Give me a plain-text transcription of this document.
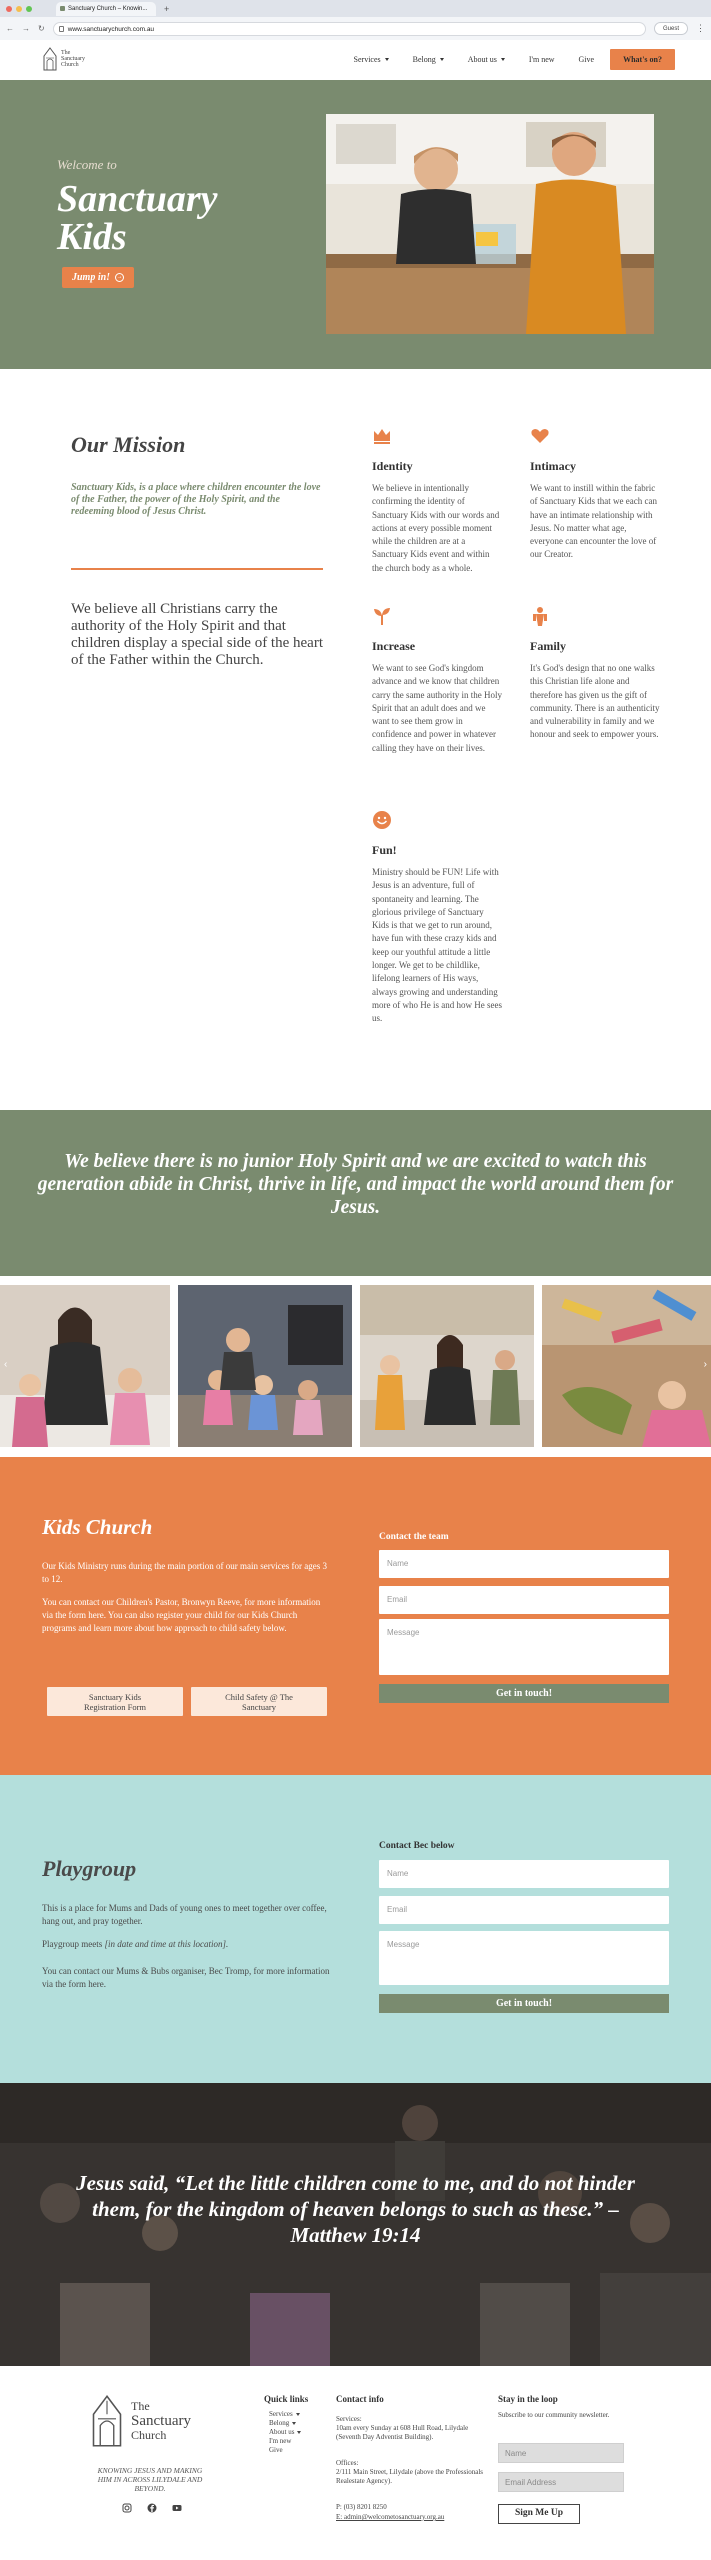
Sanctuary Church – Knowin...	+
← → ↻	www.sanctuarychurch.com.au	Guest	⋮
The
Sanctuary
Church
Services	Belong	About us	I'm new	Give	What's on?
Welcome to
Sanctuary
Kids
Jump in! →
Our Mission
Sanctuary Kids, is a place where children encounter the love of the Father, the power of the Holy Spirit, and the redeeming blood of Jesus Christ.
We believe all Christians carry the authority of the Holy Spirit and that children display a special side of the heart of the Father within the Church.
Identity

We believe in intentionally confirming the identity of Sanctuary Kids with our words and actions at every possible moment while the children are at a Sanctuary Kids event and within the church body as a whole.

Intimacy

We want to instill within the fabric of Sanctuary Kids that we each can have an intimate relationship with Jesus. No matter what age, everyone can encounter the love of our Creator.

Increase

We want to see God's kingdom advance and we know that children carry the same authority in the Holy Spirit that an adult does and we want to see them grow in confidence and power in whatever calling they have on their lives.

Family

It's God's design that no one walks this Christian life alone and therefore has given us the gift of community. There is an authenticity and vulnerability in family and we honour and seek to empower yours.

Fun!

Ministry should be FUN! Life with Jesus is an adventure, full of spontaneity and learning. The glorious privilege of Sanctuary Kids is that we get to run around, have fun with these crazy kids and keep our youthful attitude a little longer. We get to be childlike, lifelong learners of His ways, always growing and understanding more of who He is and how He sees us.

We believe there is no junior Holy Spirit and we are excited to watch this generation abide in Christ, thrive in life, and impact the world around them for Jesus.

‹	›
Kids Church
Our Kids Ministry runs during the main portion of our main services for ages 3 to 12.
You can contact our Children's Pastor, Bronwyn Reeve, for more information via the form here. You can also register your child for our Kids Church programs and learn more about how approach to child safety below.
Sanctuary Kids
Registration Form
Child Safety @ The
Sanctuary
Contact the team
Name
Email
Message
Get in touch!
Playgroup
This is a place for Mums and Dads of young ones to meet together over coffee, hang out, and pray together.
Playgroup meets [in date and time at this location].
You can contact our Mums & Bubs organiser, Bec Tromp, for more information via the form here.
Contact Bec below
Name
Email
Message
Get in touch!

Jesus said, “Let the little children come to me, and do not hinder them, for the kingdom of heaven belongs to such as these.” – Matthew 19:14

The
Sanctuary
Church
KNOWING JESUS AND MAKING HIM IN ACROSS LILYDALE AND BEYOND.
Quick links
Services
Belong
About us
I'm new
Give
Contact info
Services:
10am every Sunday at 608 Hull Road, Lilydale (Seventh Day Adventist Building).
Offices:
2/111 Main Street, Lilydale (above the Professionals Realestate Agency).
P: (03) 8201 8250
E: admin@welcometosanctuary.org.au
Stay in the loop
Subscribe to our community newsletter.
Name
Email Address
Sign Me Up
